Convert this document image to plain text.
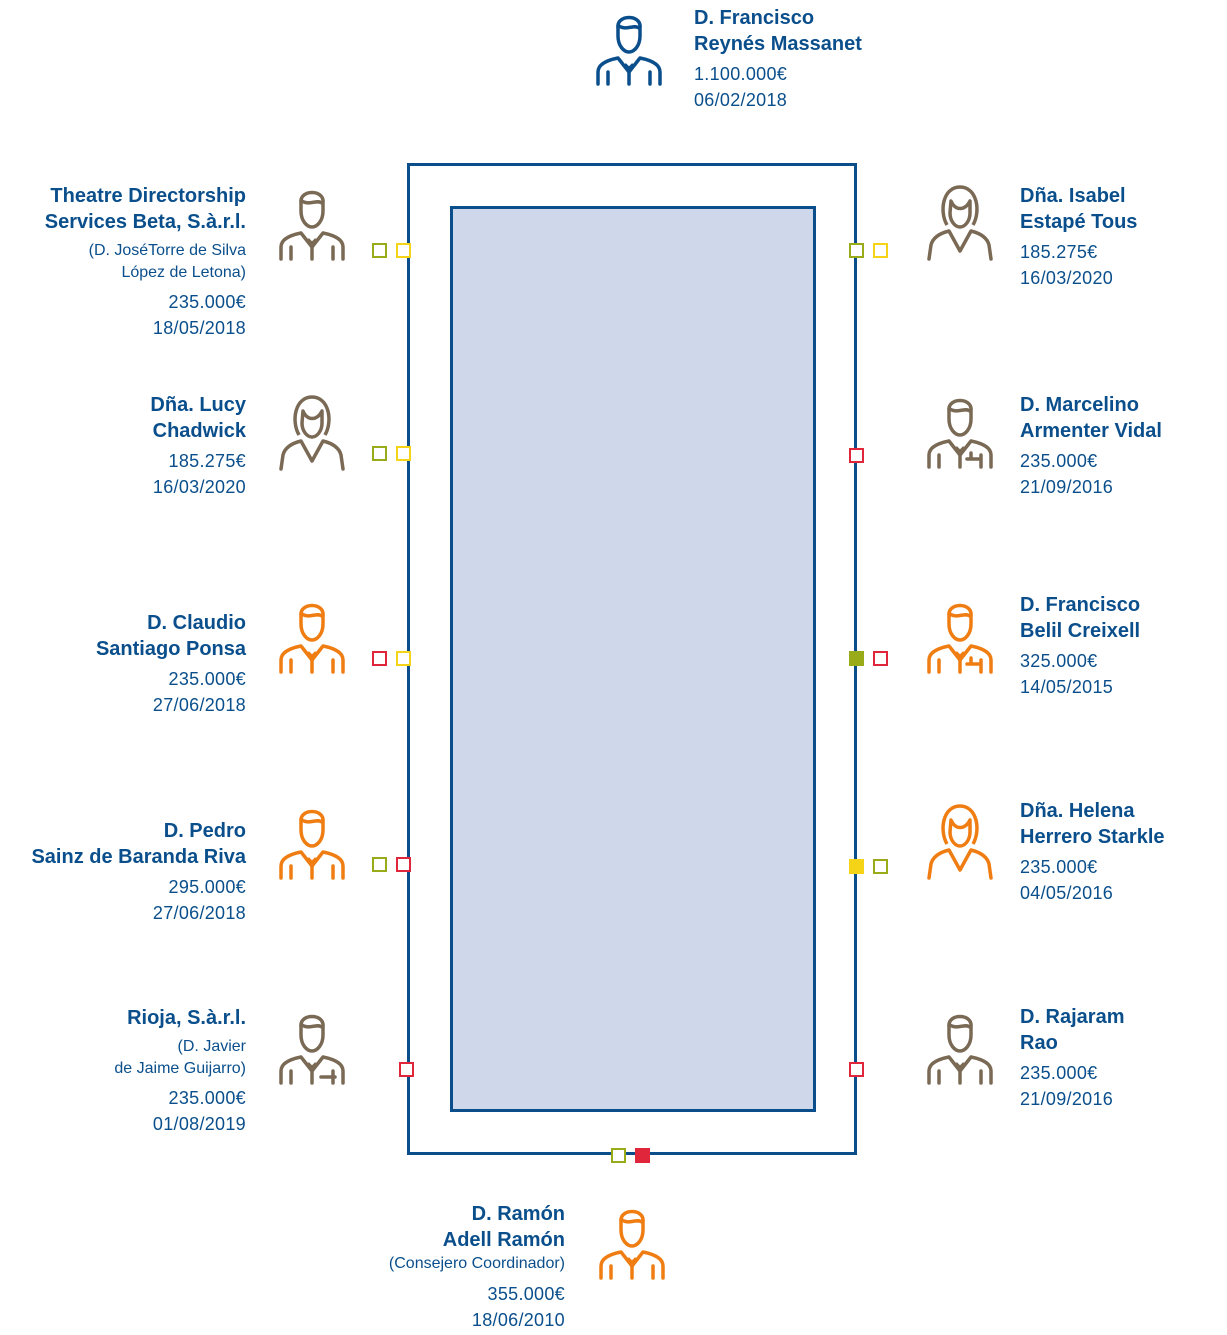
D. Francisco
Reynés Massanet
1.100.000€
06/02/2018
Theatre Directorship
Services Beta, S.à.r.l.
(D. JoséTorre de Silva
López de Letona)
235.000€
18/05/2018
Dña. Lucy
Chadwick
185.275€
16/03/2020
D. Claudio
Santiago Ponsa
235.000€
27/06/2018
D. Pedro
Sainz de Baranda Riva
295.000€
27/06/2018
Rioja, S.à.r.l.
(D. Javier
de Jaime Guijarro)
235.000€
01/08/2019
Dña. Isabel
Estapé Tous
185.275€
16/03/2020
D. Marcelino
Armenter Vidal
235.000€
21/09/2016
D. Francisco
Belil Creixell
325.000€
14/05/2015
Dña. Helena
Herrero Starkle
235.000€
04/05/2016
D. Rajaram
Rao
235.000€
21/09/2016
D. Ramón
Adell Ramón
(Consejero Coordinador)
355.000€
18/06/2010
